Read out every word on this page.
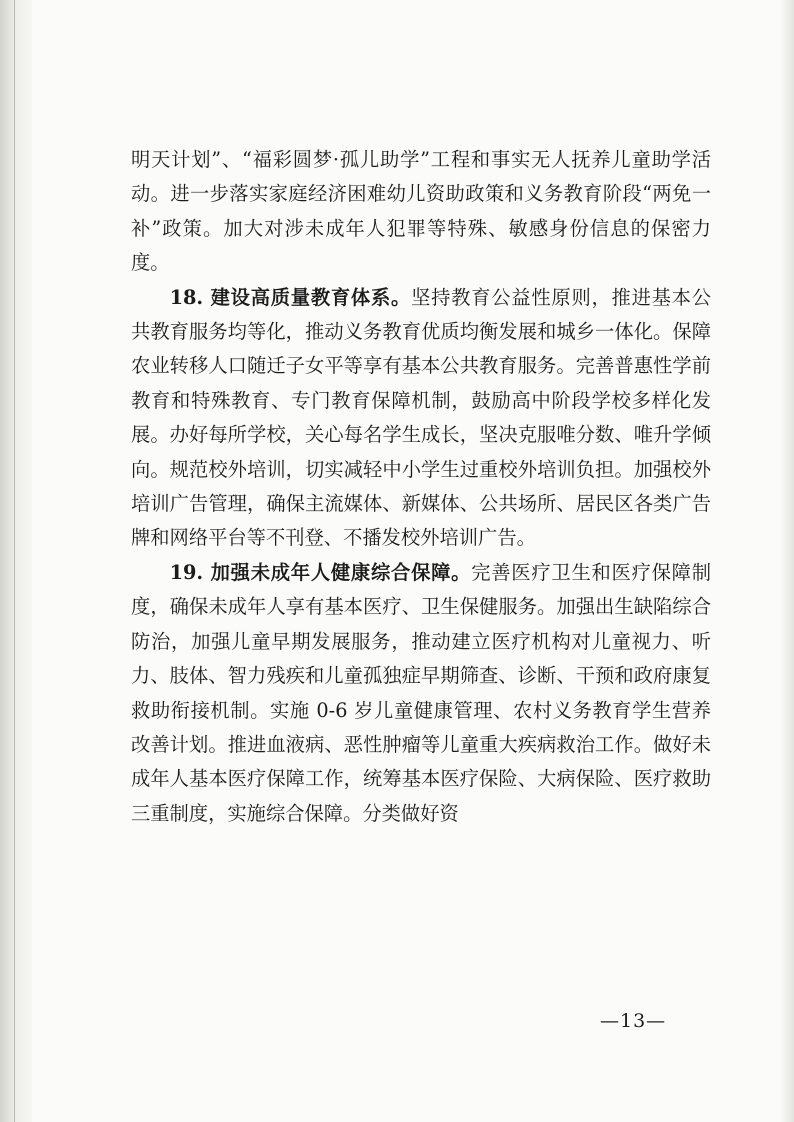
明天计划”、“福彩圆梦·孤儿助学”工程和事实无人抚养儿童助学活动。进一步落实家庭经济困难幼儿资助政策和义务教育阶段“两免一补”政策。加大对涉未成年人犯罪等特殊、敏感身份信息的保密力度。

18. 建设高质量教育体系。坚持教育公益性原则，推进基本公共教育服务均等化，推动义务教育优质均衡发展和城乡一体化。保障农业转移人口随迁子女平等享有基本公共教育服务。完善普惠性学前教育和特殊教育、专门教育保障机制，鼓励高中阶段学校多样化发展。办好每所学校，关心每名学生成长，坚决克服唯分数、唯升学倾向。规范校外培训，切实减轻中小学生过重校外培训负担。加强校外培训广告管理，确保主流媒体、新媒体、公共场所、居民区各类广告牌和网络平台等不刊登、不播发校外培训广告。

19. 加强未成年人健康综合保障。完善医疗卫生和医疗保障制度，确保未成年人享有基本医疗、卫生保健服务。加强出生缺陷综合防治，加强儿童早期发展服务，推动建立医疗机构对儿童视力、听力、肢体、智力残疾和儿童孤独症早期筛查、诊断、干预和政府康复救助衔接机制。实施 0-6 岁儿童健康管理、农村义务教育学生营养改善计划。推进血液病、恶性肿瘤等儿童重大疾病救治工作。做好未成年人基本医疗保障工作，统筹基本医疗保险、大病保险、医疗救助三重制度，实施综合保障。分类做好资

—13—
